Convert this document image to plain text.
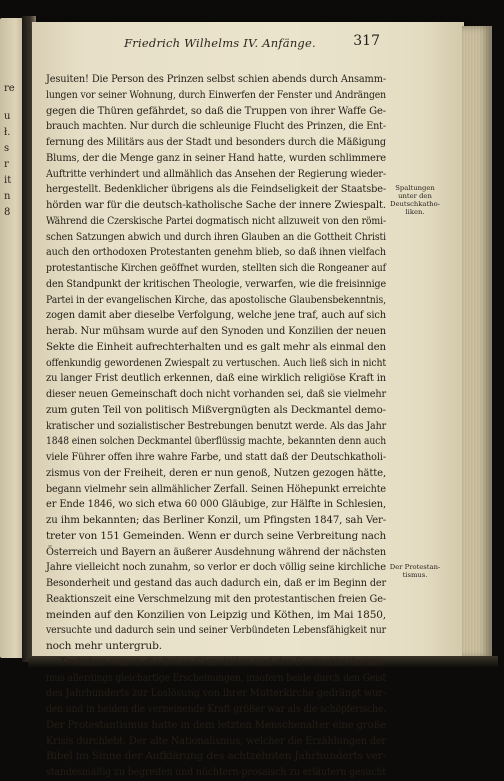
re
u
ł.
s
r
it
n
8
Friedrich Wilhelms IV. Anfänge.	317
Jesuiten! Die Person des Prinzen selbst schien abends durch Ansamm-
lungen vor seiner Wohnung, durch Einwerfen der Fenster und Andrängen
gegen die Thüren gefährdet, so daß die Truppen von ihrer Waffe Ge-
brauch machten. Nur durch die schleunige Flucht des Prinzen, die Ent-
fernung des Militärs aus der Stadt und besonders durch die Mäßigung
Blums, der die Menge ganz in seiner Hand hatte, wurden schlimmere
Auftritte verhindert und allmählich das Ansehen der Regierung wieder-
hergestellt. Bedenklicher übrigens als die Feindseligkeit der Staatsbe-
hörden war für die deutsch-katholische Sache der innere Zwiespalt.
Während die Czerskische Partei dogmatisch nicht allzuweit von den römi-
schen Satzungen abwich und durch ihren Glauben an die Gottheit Christi
auch den orthodoxen Protestanten genehm blieb, so daß ihnen vielfach
protestantische Kirchen geöffnet wurden, stellten sich die Rongeaner auf
den Standpunkt der kritischen Theologie, verwarfen, wie die freisinnige
Partei in der evangelischen Kirche, das apostolische Glaubensbekenntnis,
zogen damit aber dieselbe Verfolgung, welche jene traf, auch auf sich
herab. Nur mühsam wurde auf den Synoden und Konzilien der neuen
Sekte die Einheit aufrechterhalten und es galt mehr als einmal den
offenkundig gewordenen Zwiespalt zu vertuschen. Auch ließ sich in nicht
zu langer Frist deutlich erkennen, daß eine wirklich religiöse Kraft in
dieser neuen Gemeinschaft doch nicht vorhanden sei, daß sie vielmehr
zum guten Teil von politisch Mißvergnügten als Deckmantel demo-
kratischer und sozialistischer Bestrebungen benutzt werde. Als das Jahr
1848 einen solchen Deckmantel überflüssig machte, bekannten denn auch
viele Führer offen ihre wahre Farbe, und statt daß der Deutschkatholi-
zismus von der Freiheit, deren er nun genoß, Nutzen gezogen hätte,
begann vielmehr sein allmählicher Zerfall. Seinen Höhepunkt erreichte
er Ende 1846, wo sich etwa 60 000 Gläubige, zur Hälfte in Schlesien,
zu ihm bekannten; das Berliner Konzil, um Pfingsten 1847, sah Ver-
treter von 151 Gemeinden. Wenn er durch seine Verbreitung nach
Österreich und Bayern an äußerer Ausdehnung während der nächsten
Jahre vielleicht noch zunahm, so verlor er doch völlig seine kirchliche
Besonderheit und gestand das auch dadurch ein, daß er im Beginn der
Reaktionszeit eine Verschmelzung mit den protestantischen freien Ge-
meinden auf den Konzilien von Leipzig und Köthen, im Mai 1850,
versuchte und dadurch sein und seiner Verbündeten Lebensfähigkeit nur
noch mehr untergrub.
Trotzdem waren die freien Gemeinden und der Deutschkatholizis-
mus allerdings gleichartige Erscheinungen, insofern beide durch den Geist
des Jahrhunderts zur Loslösung von ihrer Mutterkirche gedrängt wur-
den und in beiden die verneinende Kraft größer war als die schöpferische.
Der Protestantismus hatte in dem letzten Menschenalter eine große
Krisis durchlebt. Der alte Nationalismus, welcher die Erzählungen der
Bibel im Sinne der Aufklärung des achtzehnten Jahrhunderts ver-
standesmäßig zu begreifen und nüchtern-prosaisch zu erläutern gesucht
Spaltungen unter den Deutschkatho-liken.
Der Protestan-tismus.
